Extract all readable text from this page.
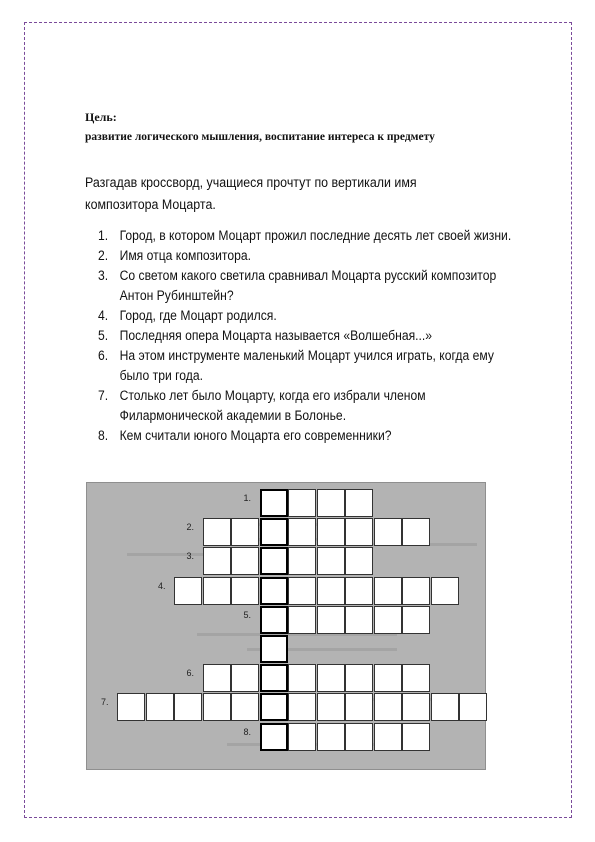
Цель:
развитие логического мышления, воспитание интереса к предмету
Разгадав кроссворд, учащиеся прочтут по вертикали имя
композитора Моцарта.
1. Город, в котором Моцарт прожил последние десять лет своей жизни.
2. Имя отца композитора.
3. Со светом какого светила сравнивал Моцарта русский композитор Антон Рубинштейн?
4. Город, где Моцарт родился.
5. Последняя опера Моцарта называется «Волшебная...»
6. На этом инструменте маленький Моцарт учился играть, когда ему было три года.
7. Столько лет было Моцарту, когда его избрали членом Филармонической академии в Болонье.
8. Кем считали юного Моцарта его современники?
1.
2.
3.
4.
5.
6.
7.
8.
